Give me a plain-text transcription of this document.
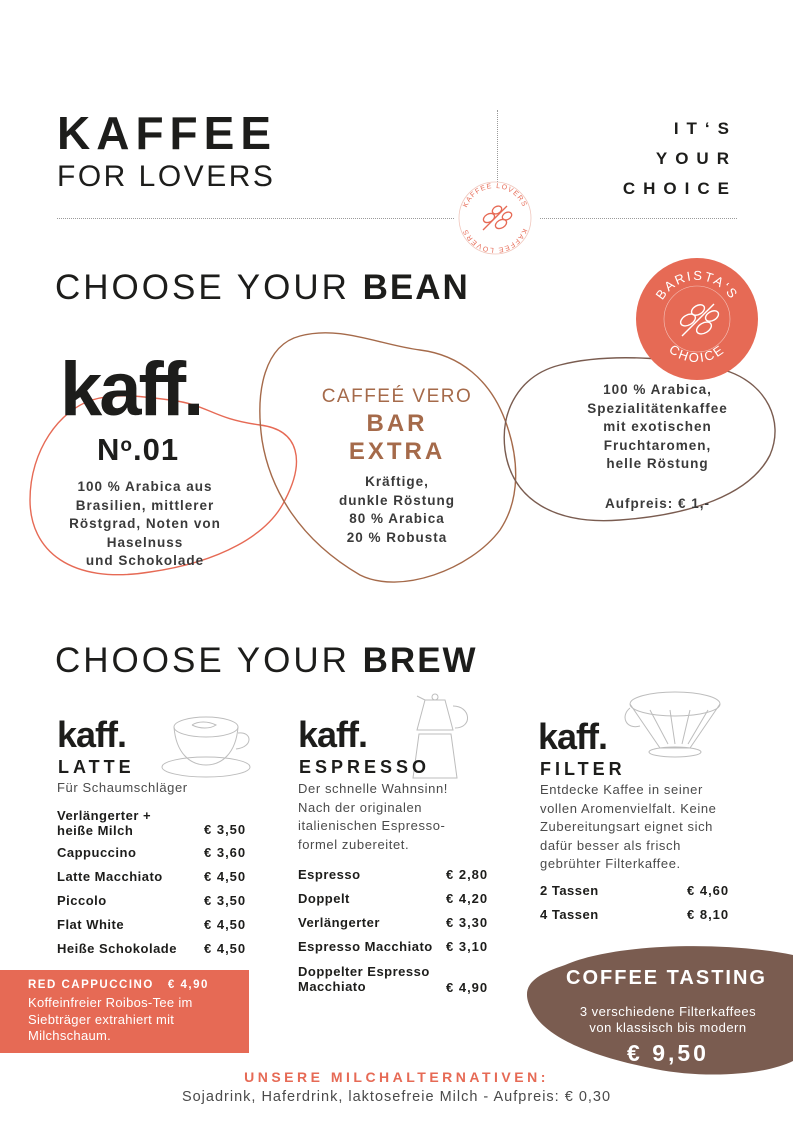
KAFFEE
FOR LOVERS
IT‘S
YOUR
CHOICE
KAFFEE LOVERS
KAFFEE LOVERS
CHOOSE YOUR BEAN
kaff.
$N^o.01$
100 % Arabica aus
Brasilien, mittlerer
Röstgrad, Noten von
Haselnuss
und Schokolade
CAFFEÉ VERO
BAR
EXTRA
Kräftige,
dunkle Röstung
80 % Arabica
20 % Robusta
BARISTA‘S
CHOICE
100 % Arabica,
Spezialitätenkaffee
mit exotischen
Fruchtaromen,
helle Röstung
Aufpreis: € 1,-
CHOOSE YOUR BREW
kaff.
LATTE
Für Schaumschläger
Verlängerter +
heiße Milch	€ 3,50
Cappuccino	€ 3,60
Latte Macchiato	€ 4,50
Piccolo	€ 3,50
Flat White	€ 4,50
Heiße Schokolade € 4,50
kaff.
ESPRESSO
Der schnelle Wahnsinn!
Nach der originalen
italienischen Espresso-
formel zubereitet.
Espresso	€ 2,80
Doppelt	€ 4,20
Verlängerter	€ 3,30
Espresso Macchiato € 3,10
Doppelter Espresso
Macchiato	€ 4,90
kaff.
FILTER
Entdecke Kaffee in seiner
vollen Aromenvielfalt. Keine
Zubereitungsart eignet sich
dafür besser als frisch
gebrühter Filterkaffee.
2 Tassen	€ 4,60
4 Tassen	€ 8,10
RED CAPPUCCINO € 4,90
Koffeinfreier Roibos-Tee im
Siebträger extrahiert mit
Milchschaum.
COFFEE TASTING
3 verschiedene Filterkaffees
von klassisch bis modern
€ 9,50
UNSERE MILCHALTERNATIVEN:
Sojadrink, Haferdrink, laktosefreie Milch - Aufpreis: € 0,30
